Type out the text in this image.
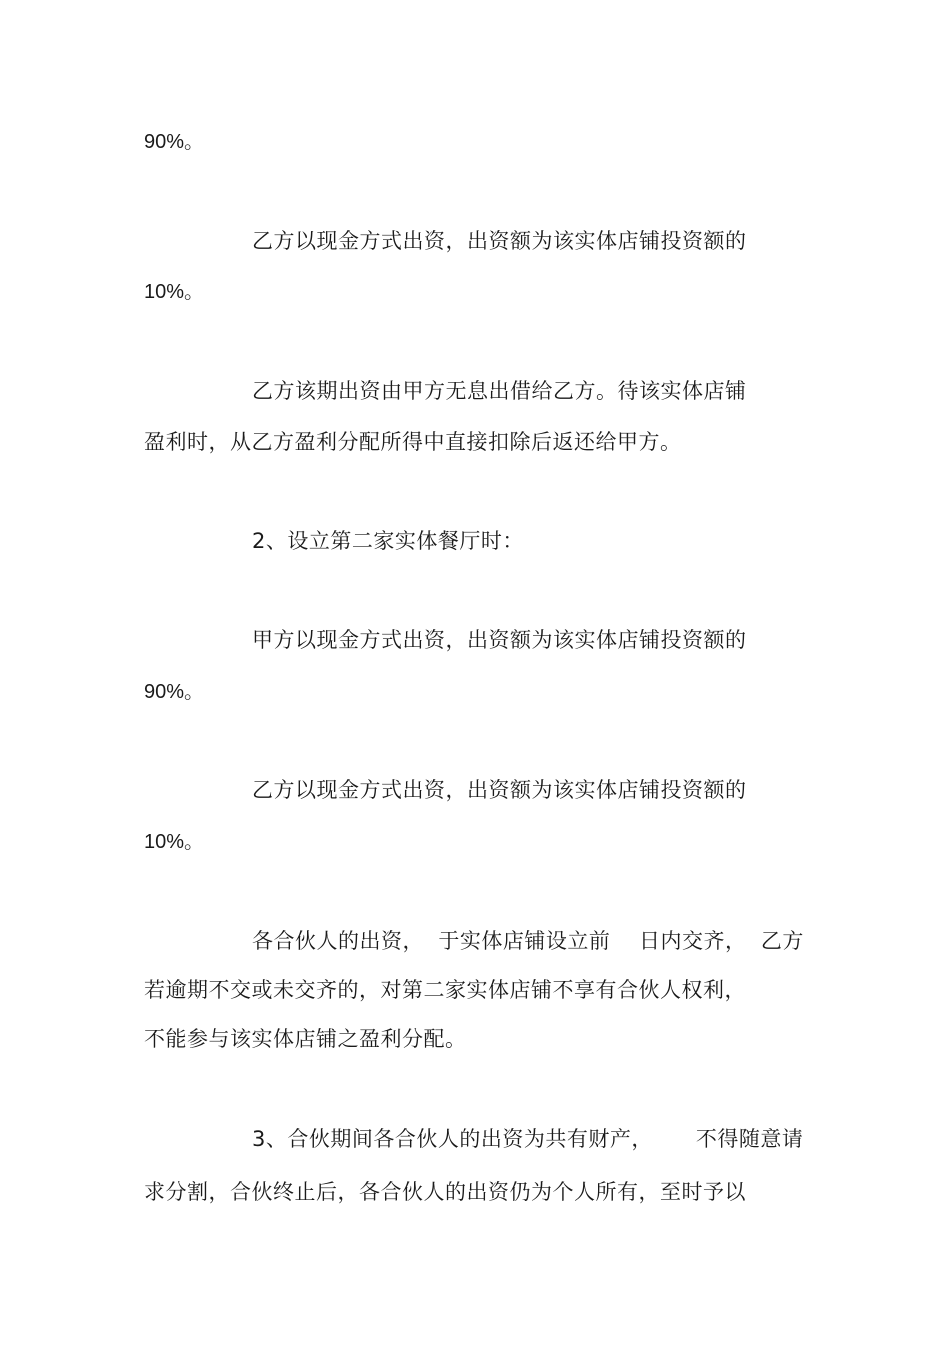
90%。
乙方以现金方式出资，出资额为该实体店铺投资额的
10%。
乙方该期出资由甲方无息出借给乙方。待该实体店铺
盈利时，从乙方盈利分配所得中直接扣除后返还给甲方。
2、设立第二家实体餐厅时：
甲方以现金方式出资，出资额为该实体店铺投资额的
90%。
乙方以现金方式出资，出资额为该实体店铺投资额的
10%。
各合伙人的出资，  于实体店铺设立前    日内交齐，  乙方
若逾期不交或未交齐的，对第二家实体店铺不享有合伙人权利，
不能参与该实体店铺之盈利分配。
3、合伙期间各合伙人的出资为共有财产，      不得随意请
求分割，合伙终止后，各合伙人的出资仍为个人所有，至时予以
